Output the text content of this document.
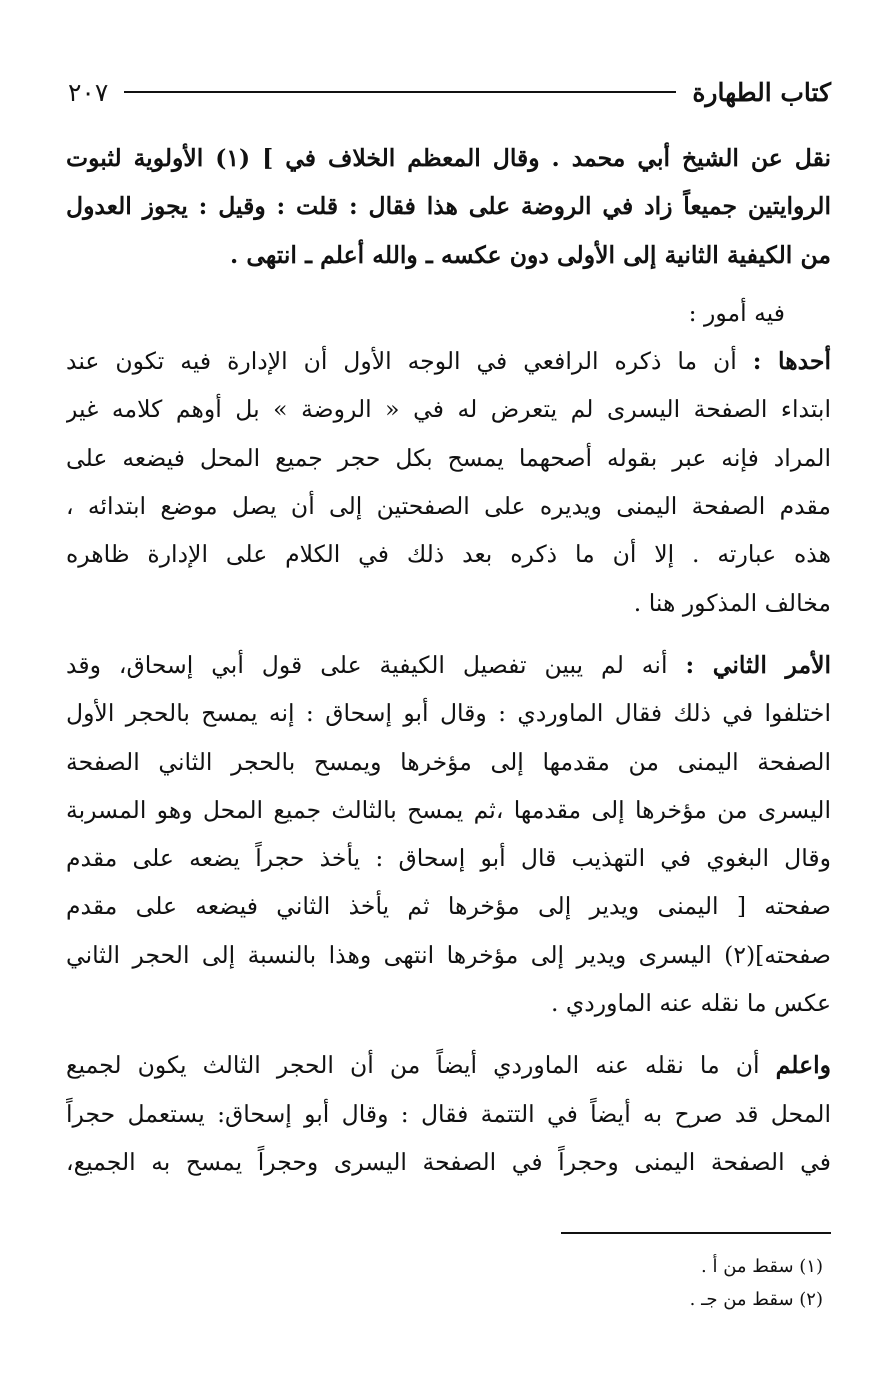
كتاب الطهارة
٢٠٧
نقل عن الشيخ أبي محمد . وقال المعظم الخلاف في ] (١) الأولوية لثبوت
الروايتين جميعاً زاد في الروضة على هذا فقال : قلت : وقيل : يجوز العدول
من الكيفية الثانية إلى الأولى دون عكسه ـ والله أعلم ـ انتهى .
فيه أمور :
أحدها : أن ما ذكره الرافعي في الوجه الأول أن الإدارة فيه تكون عند
ابتداء الصفحة اليسرى لم يتعرض له في « الروضة » بل أوهم كلامه غير
المراد فإنه عبر بقوله أصحهما يمسح بكل حجر جميع المحل فيضعه على
مقدم الصفحة اليمنى ويديره على الصفحتين إلى أن يصل موضع ابتدائه ،
هذه عبارته . إلا أن ما ذكره بعد ذلك في الكلام على الإدارة ظاهره
مخالف المذكور هنا .
الأمر الثاني : أنه لم يبين تفصيل الكيفية على قول أبي إسحاق، وقد
اختلفوا في ذلك فقال الماوردي : وقال أبو إسحاق : إنه يمسح بالحجر الأول
الصفحة اليمنى من مقدمها إلى مؤخرها ويمسح بالحجر الثاني الصفحة
اليسرى من مؤخرها إلى مقدمها ،ثم يمسح بالثالث جميع المحل وهو المسربة
وقال البغوي في التهذيب قال أبو إسحاق : يأخذ حجراً يضعه على مقدم
صفحته [ اليمنى ويدير إلى مؤخرها ثم يأخذ الثاني فيضعه على مقدم
صفحته](٢) اليسرى ويدير إلى مؤخرها انتهى وهذا بالنسبة إلى الحجر الثاني
عكس ما نقله عنه الماوردي .
واعلم أن ما نقله عنه الماوردي أيضاً من أن الحجر الثالث يكون لجميع
المحل قد صرح به أيضاً في التتمة فقال : وقال أبو إسحاق: يستعمل حجراً
في الصفحة اليمنى وحجراً في الصفحة اليسرى وحجراً يمسح به الجميع،
(١) سقط من أ .
(٢) سقط من جـ .
